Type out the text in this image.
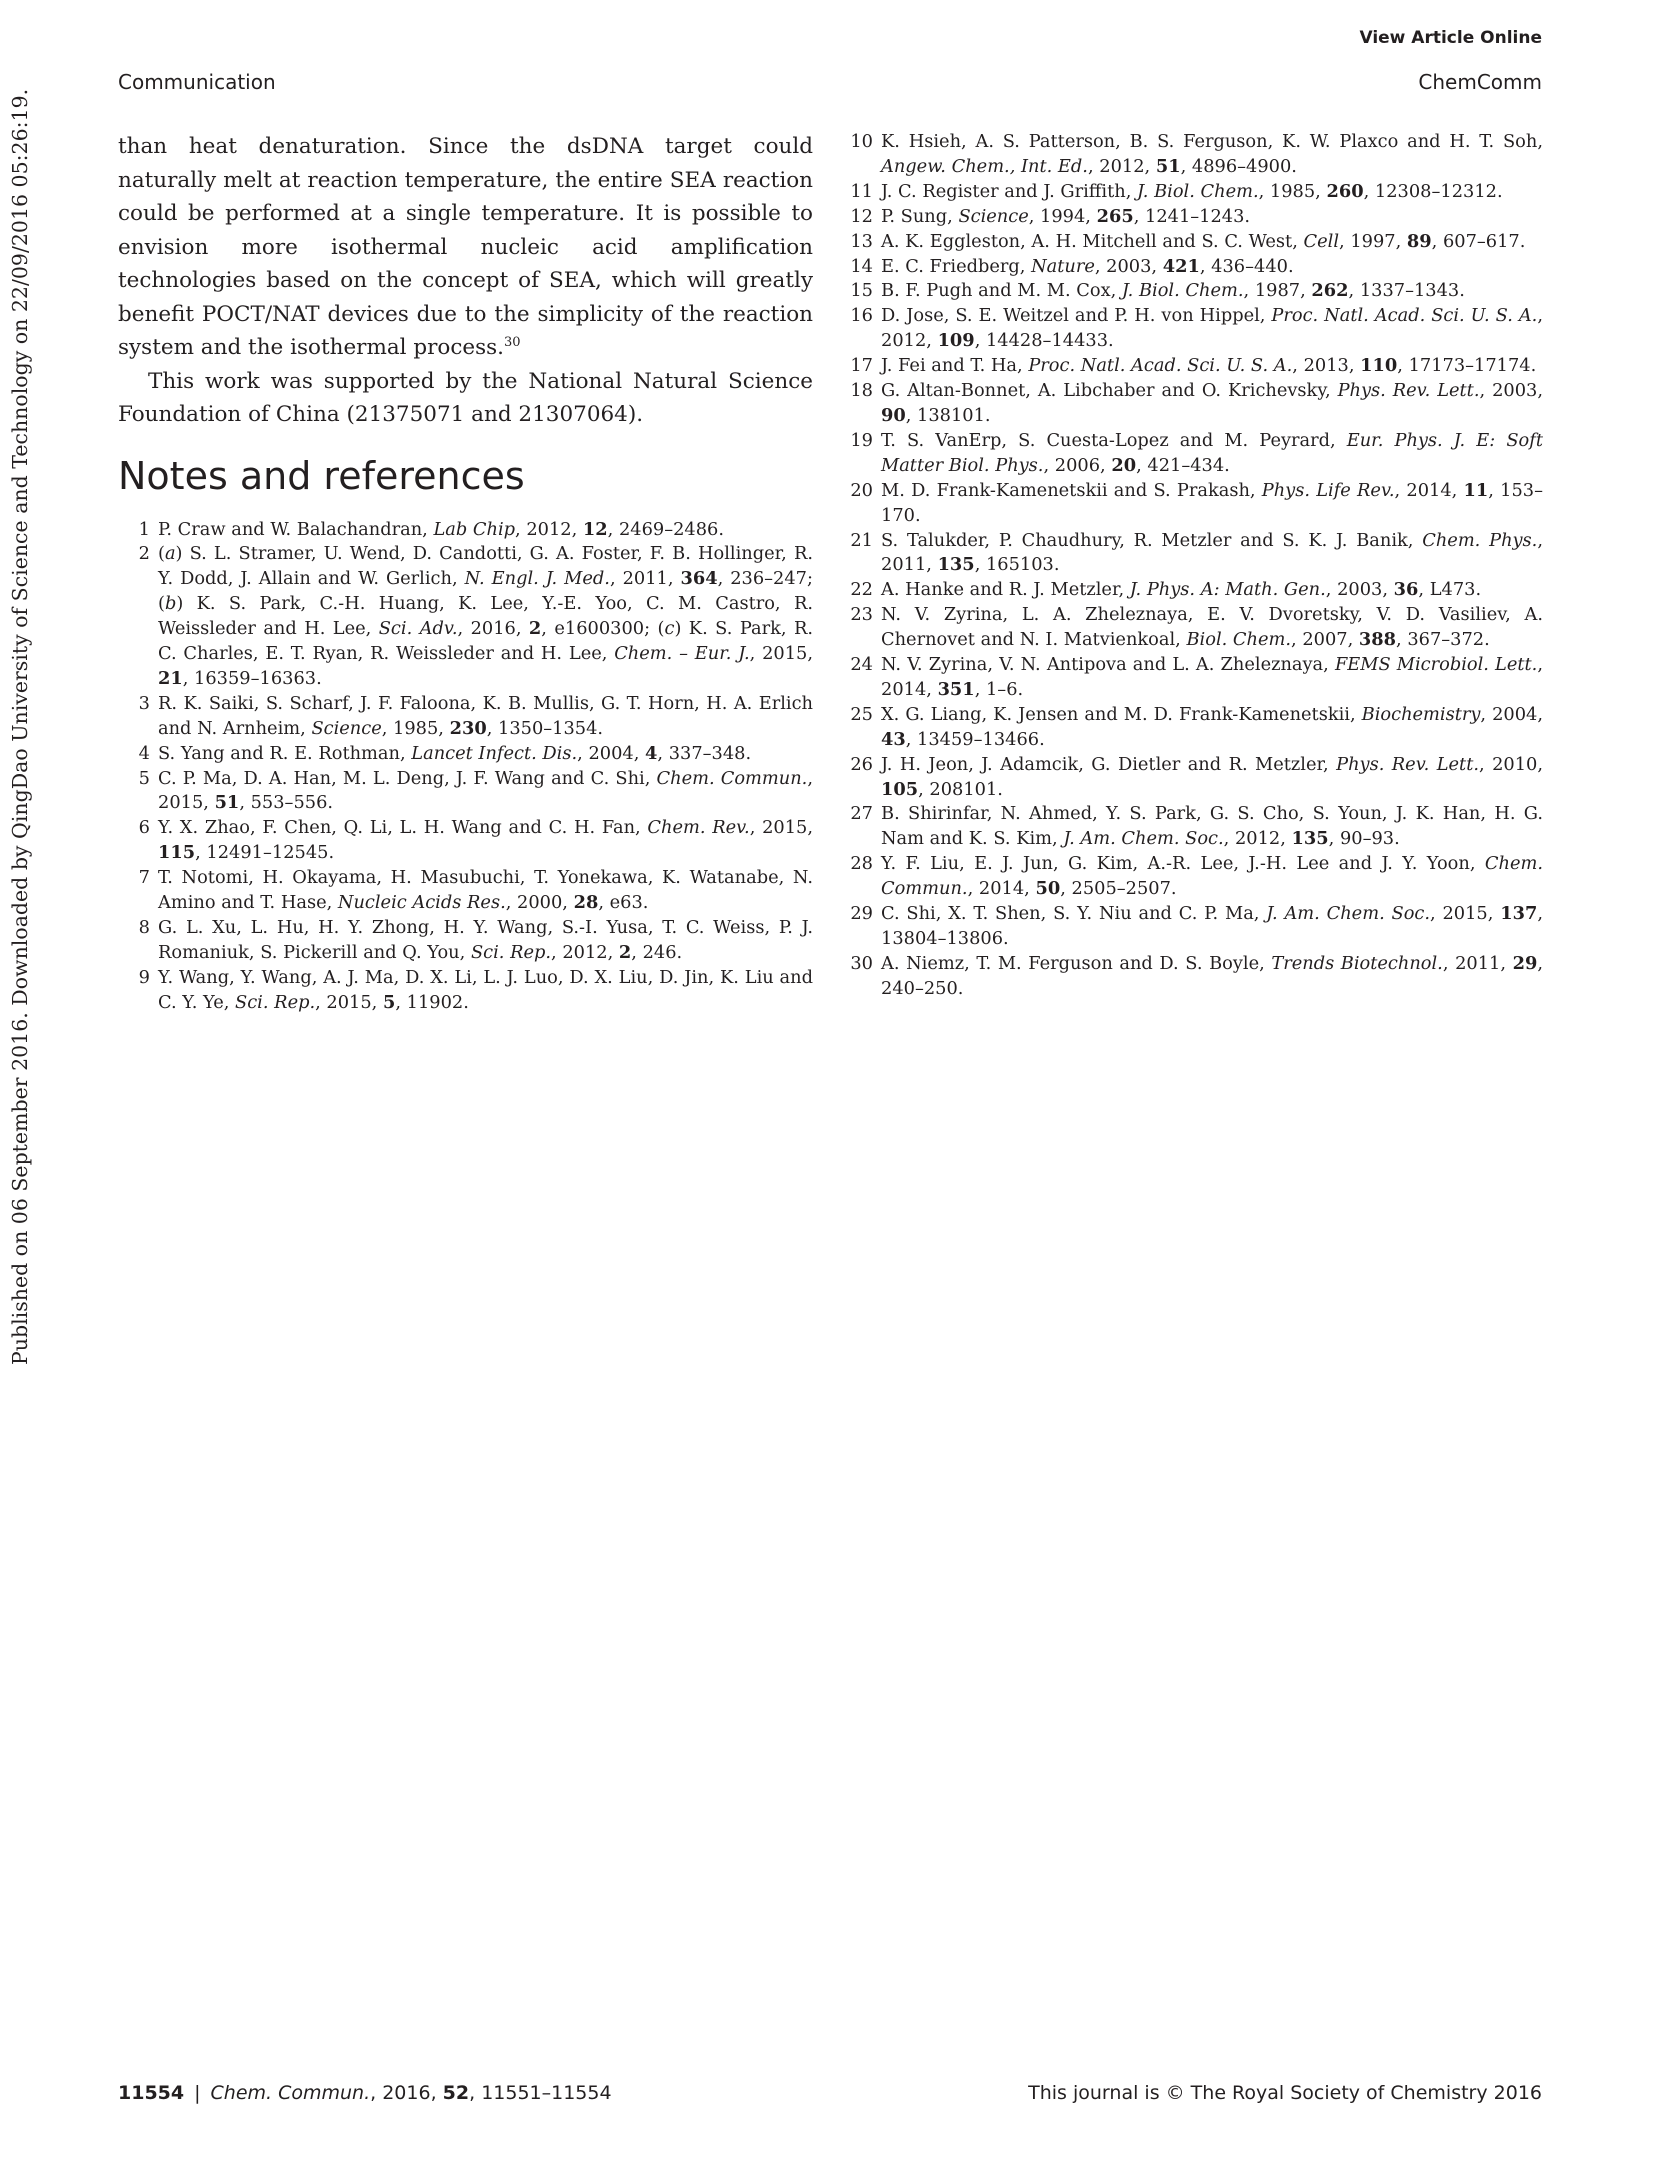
View Article Online
Communication	ChemComm
Published on 06 September 2016. Downloaded by QingDao University of Science and Technology on 22/09/2016 05:26:19.	than heat denaturation. Since the dsDNA target could naturally melt at reaction temperature, the entire SEA reaction could be performed at a single temperature. It is possible to envision more isothermal nucleic acid amplification technologies based on the concept of SEA, which will greatly benefit POCT/NAT devices due to the simplicity of the reaction system and the isothermal process.$^{30}$

This work was supported by the National Natural Science Foundation of China (21375071 and 21307064).

Notes and references
1 P. Craw and W. Balachandran, Lab Chip, 2012, 12, 2469–2486.
2 (a) S. L. Stramer, U. Wend, D. Candotti, G. A. Foster, F. B. Hollinger, R. Y. Dodd, J. Allain and W. Gerlich, N. Engl. J. Med., 2011, 364, 236–247; (b) K. S. Park, C.-H. Huang, K. Lee, Y.-E. Yoo, C. M. Castro, R. Weissleder and H. Lee, Sci. Adv., 2016, 2, e1600300; (c) K. S. Park, R. C. Charles, E. T. Ryan, R. Weissleder and H. Lee, Chem. – Eur. J., 2015, 21, 16359–16363.
3 R. K. Saiki, S. Scharf, J. F. Faloona, K. B. Mullis, G. T. Horn, H. A. Erlich and N. Arnheim, Science, 1985, 230, 1350–1354.
4 S. Yang and R. E. Rothman, Lancet Infect. Dis., 2004, 4, 337–348.
5 C. P. Ma, D. A. Han, M. L. Deng, J. F. Wang and C. Shi, Chem. Commun., 2015, 51, 553–556.
6 Y. X. Zhao, F. Chen, Q. Li, L. H. Wang and C. H. Fan, Chem. Rev., 2015, 115, 12491–12545.
7 T. Notomi, H. Okayama, H. Masubuchi, T. Yonekawa, K. Watanabe, N. Amino and T. Hase, Nucleic Acids Res., 2000, 28, e63.
8 G. L. Xu, L. Hu, H. Y. Zhong, H. Y. Wang, S.-I. Yusa, T. C. Weiss, P. J. Romaniuk, S. Pickerill and Q. You, Sci. Rep., 2012, 2, 246.
9 Y. Wang, Y. Wang, A. J. Ma, D. X. Li, L. J. Luo, D. X. Liu, D. Jin, K. Liu and C. Y. Ye, Sci. Rep., 2015, 5, 11902.
10 K. Hsieh, A. S. Patterson, B. S. Ferguson, K. W. Plaxco and H. T. Soh, Angew. Chem., Int. Ed., 2012, 51, 4896–4900.
11 J. C. Register and J. Griffith, J. Biol. Chem., 1985, 260, 12308–12312.
12 P. Sung, Science, 1994, 265, 1241–1243.
13 A. K. Eggleston, A. H. Mitchell and S. C. West, Cell, 1997, 89, 607–617.
14 E. C. Friedberg, Nature, 2003, 421, 436–440.
15 B. F. Pugh and M. M. Cox, J. Biol. Chem., 1987, 262, 1337–1343.
16 D. Jose, S. E. Weitzel and P. H. von Hippel, Proc. Natl. Acad. Sci. U. S. A., 2012, 109, 14428–14433.
17 J. Fei and T. Ha, Proc. Natl. Acad. Sci. U. S. A., 2013, 110, 17173–17174.
18 G. Altan-Bonnet, A. Libchaber and O. Krichevsky, Phys. Rev. Lett., 2003, 90, 138101.
19 T. S. VanErp, S. Cuesta-Lopez and M. Peyrard, Eur. Phys. J. E: Soft Matter Biol. Phys., 2006, 20, 421–434.
20 M. D. Frank-Kamenetskii and S. Prakash, Phys. Life Rev., 2014, 11, 153–170.
21 S. Talukder, P. Chaudhury, R. Metzler and S. K. J. Banik, Chem. Phys., 2011, 135, 165103.
22 A. Hanke and R. J. Metzler, J. Phys. A: Math. Gen., 2003, 36, L473.
23 N. V. Zyrina, L. A. Zheleznaya, E. V. Dvoretsky, V. D. Vasiliev, A. Chernovet and N. I. Matvienkoal, Biol. Chem., 2007, 388, 367–372.
24 N. V. Zyrina, V. N. Antipova and L. A. Zheleznaya, FEMS Microbiol. Lett., 2014, 351, 1–6.
25 X. G. Liang, K. Jensen and M. D. Frank-Kamenetskii, Biochemistry, 2004, 43, 13459–13466.
26 J. H. Jeon, J. Adamcik, G. Dietler and R. Metzler, Phys. Rev. Lett., 2010, 105, 208101.
27 B. Shirinfar, N. Ahmed, Y. S. Park, G. S. Cho, S. Youn, J. K. Han, H. G. Nam and K. S. Kim, J. Am. Chem. Soc., 2012, 135, 90–93.
28 Y. F. Liu, E. J. Jun, G. Kim, A.-R. Lee, J.-H. Lee and J. Y. Yoon, Chem. Commun., 2014, 50, 2505–2507.
29 C. Shi, X. T. Shen, S. Y. Niu and C. P. Ma, J. Am. Chem. Soc., 2015, 137, 13804–13806.
30 A. Niemz, T. M. Ferguson and D. S. Boyle, Trends Biotechnol., 2011, 29, 240–250.
11554 | Chem. Commun., 2016, 52, 11551–11554	This journal is © The Royal Society of Chemistry 2016
